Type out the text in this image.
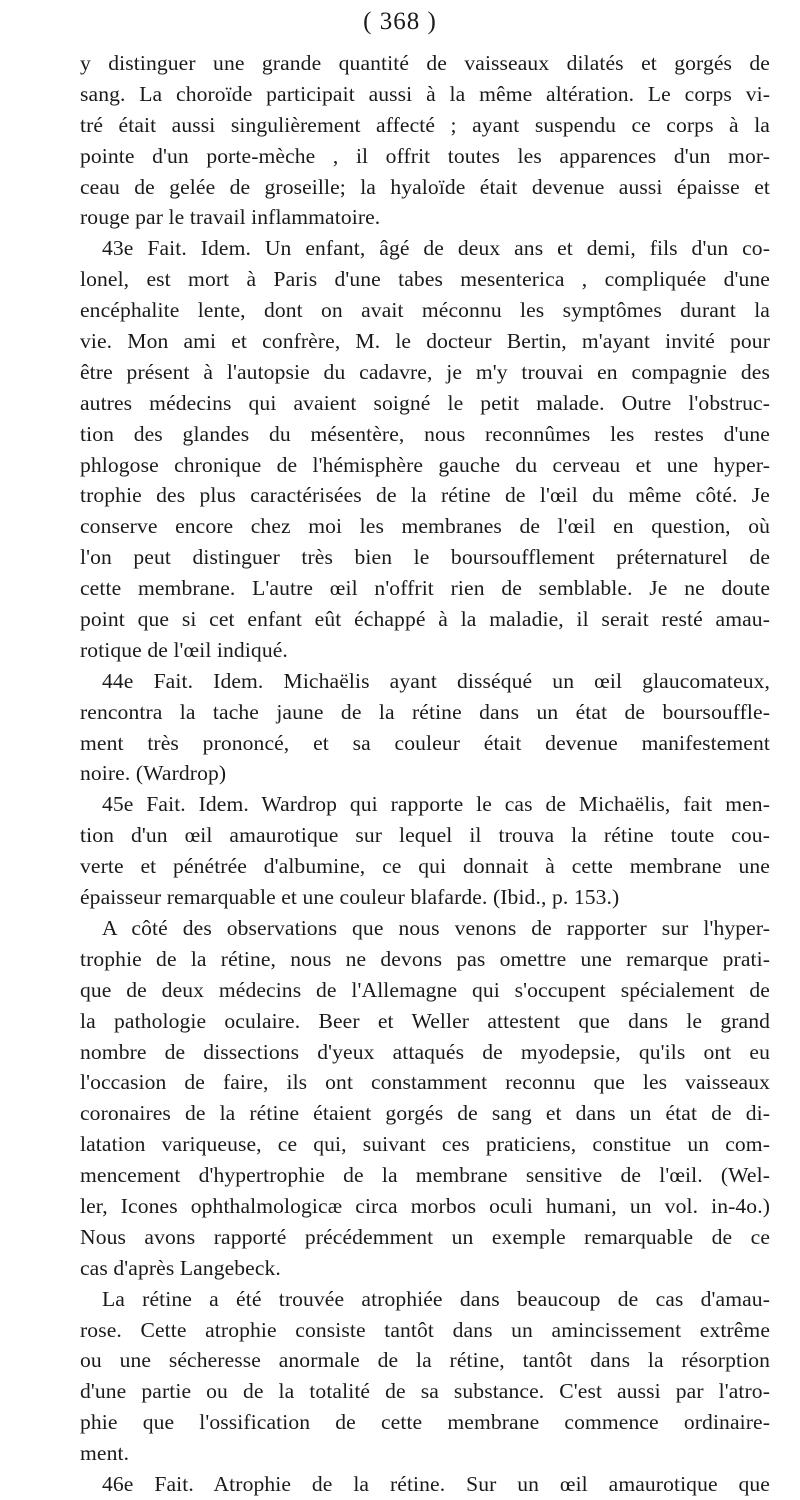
( 368 )
y distinguer une grande quantité de vaisseaux dilatés et gorgés de
sang. La choroïde participait aussi à la même altération. Le corps vi-
tré était aussi singulièrement affecté ; ayant suspendu ce corps à la
pointe d'un porte-mèche , il offrit toutes les apparences d'un mor-
ceau de gelée de groseille; la hyaloïde était devenue aussi épaisse et
rouge par le travail inflammatoire.
43e Fait. Idem. Un enfant, âgé de deux ans et demi, fils d'un co-
lonel, est mort à Paris d'une tabes mesenterica , compliquée d'une
encéphalite lente, dont on avait méconnu les symptômes durant la
vie. Mon ami et confrère, M. le docteur Bertin, m'ayant invité pour
être présent à l'autopsie du cadavre, je m'y trouvai en compagnie des
autres médecins qui avaient soigné le petit malade. Outre l'obstruc-
tion des glandes du mésentère, nous reconnûmes les restes d'une
phlogose chronique de l'hémisphère gauche du cerveau et une hyper-
trophie des plus caractérisées de la rétine de l'œil du même côté. Je
conserve encore chez moi les membranes de l'œil en question, où
l'on peut distinguer très bien le boursoufflement préternaturel de
cette membrane. L'autre œil n'offrit rien de semblable. Je ne doute
point que si cet enfant eût échappé à la maladie, il serait resté amau-
rotique de l'œil indiqué.
44e Fait. Idem. Michaëlis ayant disséqué un œil glaucomateux,
rencontra la tache jaune de la rétine dans un état de boursouffle-
ment très prononcé, et sa couleur était devenue manifestement
noire. (Wardrop)
45e Fait. Idem. Wardrop qui rapporte le cas de Michaëlis, fait men-
tion d'un œil amaurotique sur lequel il trouva la rétine toute cou-
verte et pénétrée d'albumine, ce qui donnait à cette membrane une
épaisseur remarquable et une couleur blafarde. (Ibid., p. 153.)
A côté des observations que nous venons de rapporter sur l'hyper-
trophie de la rétine, nous ne devons pas omettre une remarque prati-
que de deux médecins de l'Allemagne qui s'occupent spécialement de
la pathologie oculaire. Beer et Weller attestent que dans le grand
nombre de dissections d'yeux attaqués de myodepsie, qu'ils ont eu
l'occasion de faire, ils ont constamment reconnu que les vaisseaux
coronaires de la rétine étaient gorgés de sang et dans un état de di-
latation variqueuse, ce qui, suivant ces praticiens, constitue un com-
mencement d'hypertrophie de la membrane sensitive de l'œil. (Wel-
ler, Icones ophthalmologicæ circa morbos oculi humani, un vol. in-4o.)
Nous avons rapporté précédemment un exemple remarquable de ce
cas d'après Langebeck.
La rétine a été trouvée atrophiée dans beaucoup de cas d'amau-
rose. Cette atrophie consiste tantôt dans un amincissement extrême
ou une sécheresse anormale de la rétine, tantôt dans la résorption
d'une partie ou de la totalité de sa substance. C'est aussi par l'atro-
phie que l'ossification de cette membrane commence ordinaire-
ment.
46e Fait. Atrophie de la rétine. Sur un œil amaurotique que
